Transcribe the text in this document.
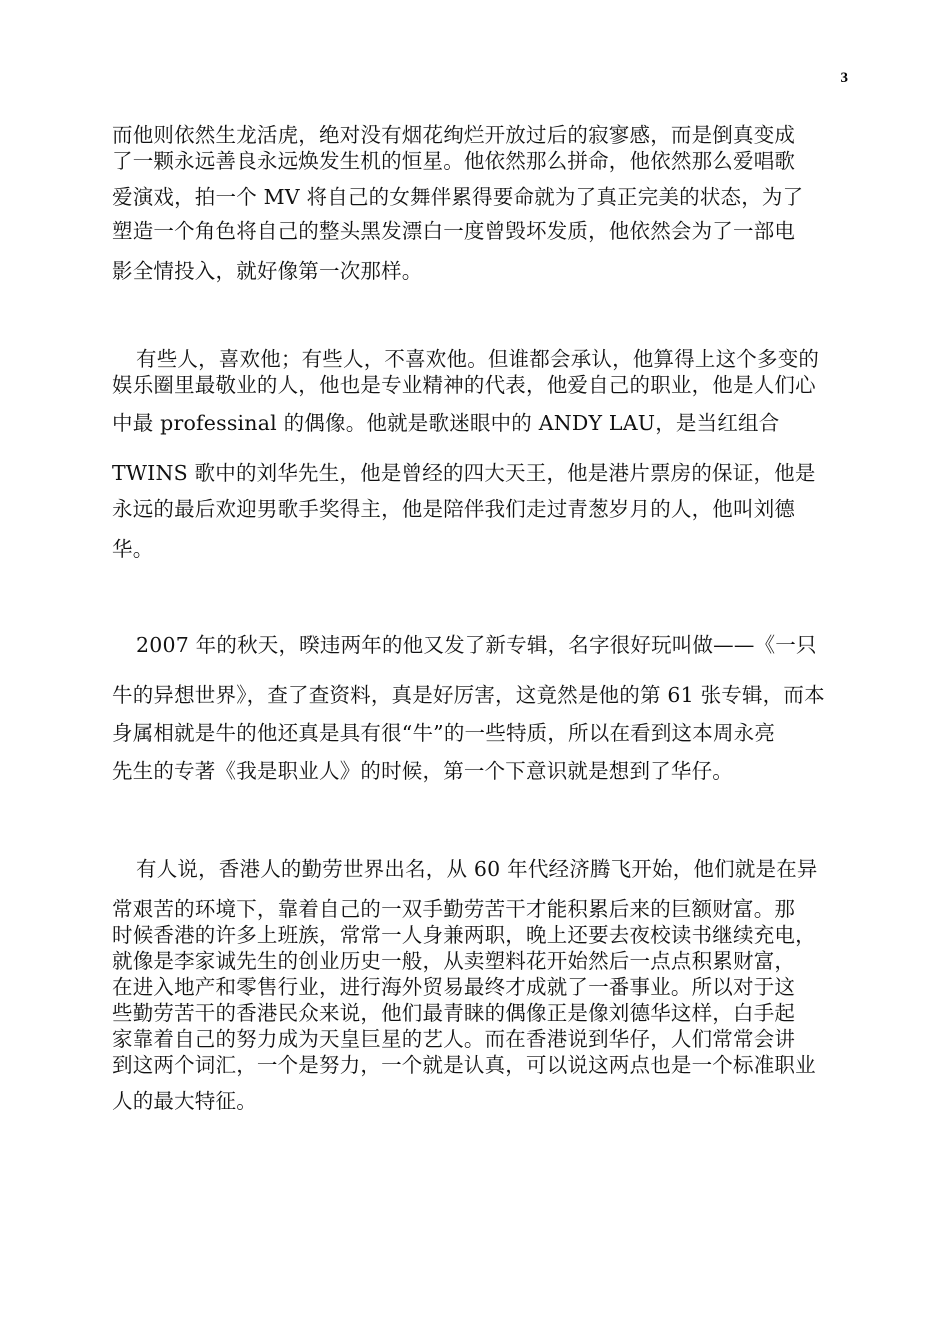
3
而他则依然生龙活虎，绝对没有烟花绚烂开放过后的寂寥感，而是倒真变成
了一颗永远善良永远焕发生机的恒星。他依然那么拼命，他依然那么爱唱歌
爱演戏，拍一个 MV 将自己的女舞伴累得要命就为了真正完美的状态，为了
塑造一个角色将自己的整头黑发漂白一度曾毁坏发质，他依然会为了一部电
影全情投入，就好像第一次那样。
有些人，喜欢他；有些人，不喜欢他。但谁都会承认，他算得上这个多变的
娱乐圈里最敬业的人，他也是专业精神的代表，他爱自己的职业，他是人们心
中最 professinal 的偶像。他就是歌迷眼中的 ANDY LAU，是当红组合
TWINS 歌中的刘华先生，他是曾经的四大天王，他是港片票房的保证，他是
永远的最后欢迎男歌手奖得主，他是陪伴我们走过青葱岁月的人，他叫刘德
华。
2007 年的秋天，暌违两年的他又发了新专辑，名字很好玩叫做——《一只
牛的异想世界》，查了查资料，真是好厉害，这竟然是他的第 61 张专辑，而本
身属相就是牛的他还真是具有很“牛”的一些特质，所以在看到这本周永亮
先生的专著《我是职业人》的时候，第一个下意识就是想到了华仔。
有人说，香港人的勤劳世界出名，从 60 年代经济腾飞开始，他们就是在异
常艰苦的环境下，靠着自己的一双手勤劳苦干才能积累后来的巨额财富。那
时候香港的许多上班族，常常一人身兼两职，晚上还要去夜校读书继续充电，
就像是李家诚先生的创业历史一般，从卖塑料花开始然后一点点积累财富，
在进入地产和零售行业，进行海外贸易最终才成就了一番事业。所以对于这
些勤劳苦干的香港民众来说，他们最青睐的偶像正是像刘德华这样，白手起
家靠着自己的努力成为天皇巨星的艺人。而在香港说到华仔，人们常常会讲
到这两个词汇，一个是努力，一个就是认真，可以说这两点也是一个标准职业
人的最大特征。
